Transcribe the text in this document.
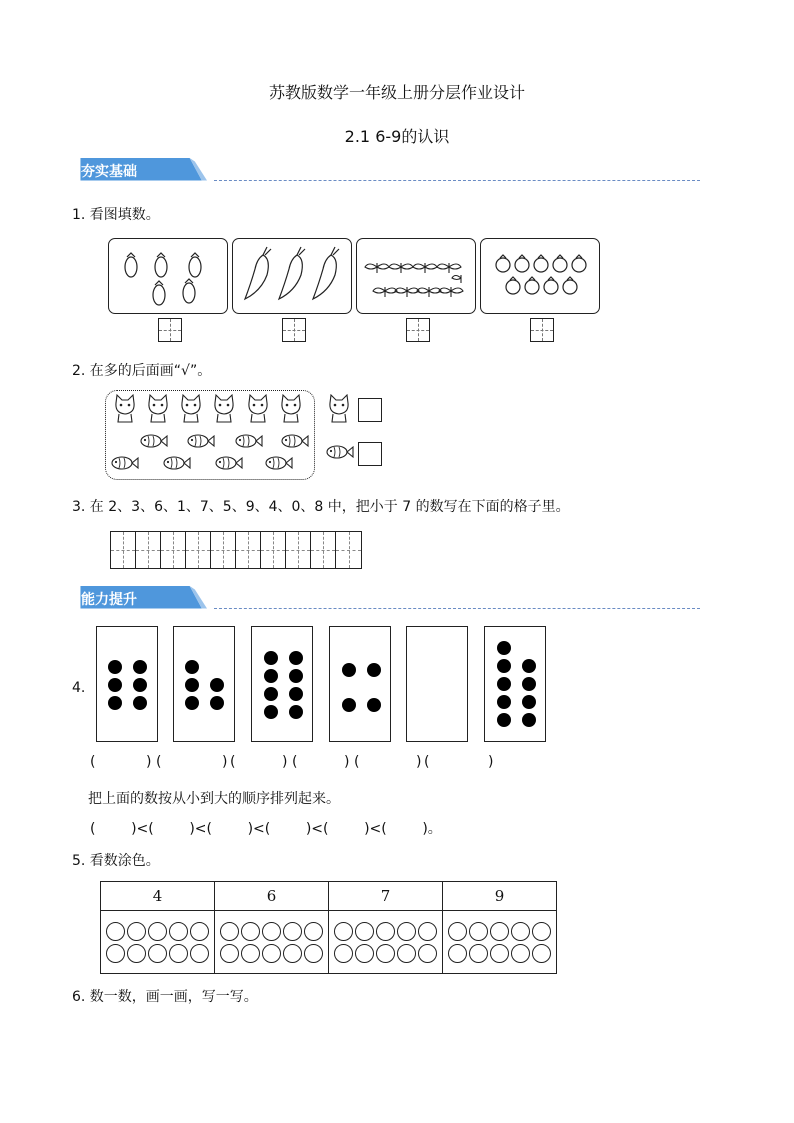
苏教版数学一年级上册分层作业设计
2.1 6-9的认识
夯实基础
1. 看图填数。
2. 在多的后面画“√”。
3. 在 2、3、6、1、7、5、9、4、0、8 中，把小于 7 的数写在下面的格子里。
能力提升
4.
(	) (	) (	) (	) (	) (	)
把上面的数按从小到大的顺序排列起来。
(        )<(        )<(        )<(        )<(        )<(        )。
5. 看数涂色。
4	6	7	9

6. 数一数，画一画，写一写。
